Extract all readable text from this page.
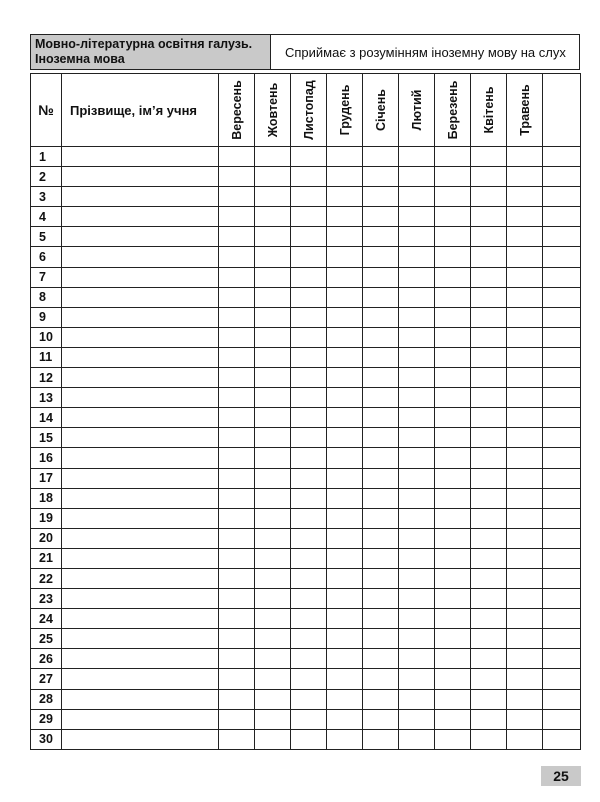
Мовно-літературна освітня галузь.
Іноземна мова	Сприймає з розумінням іноземну мову на слух
№	Прізвище, ім’я учня	Вересень	Жовтень	Листопад	Грудень	Січень	Лютий	Березень	Квітень	Травень	

1											
2											
3											
4											
5											
6											
7											
8											
9											
10											
11											
12											
13											
14											
15											
16											
17											
18											
19											
20											
21											
22											
23											
24											
25											
26											
27											
28											
29											
30											
25
